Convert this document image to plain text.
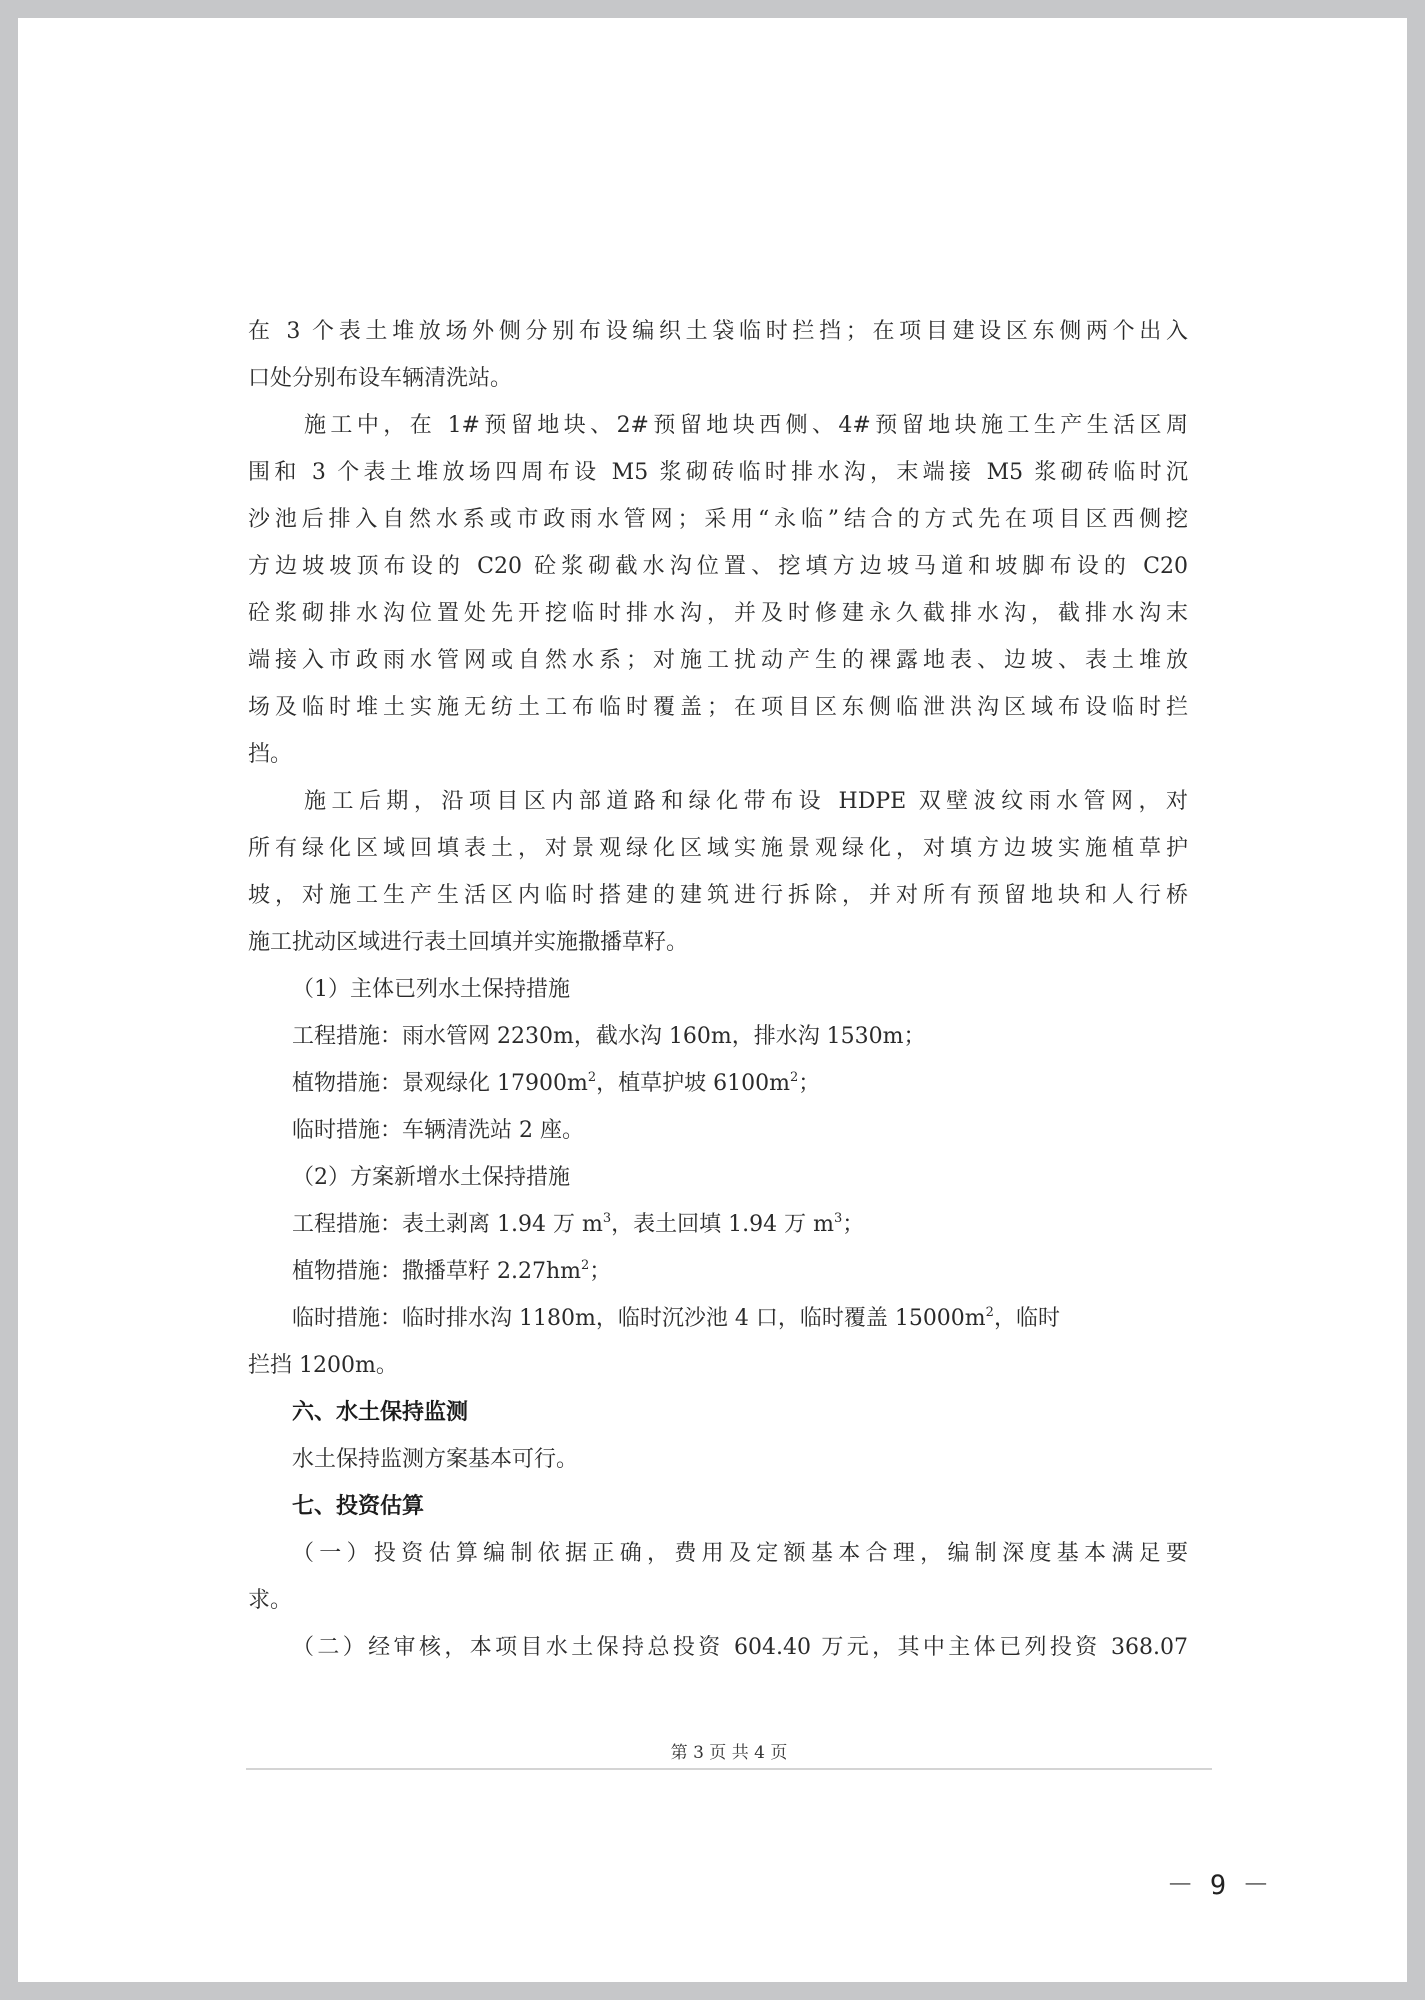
在 3 个表土堆放场外侧分别布设编织土袋临时拦挡；在项目建设区东侧两个出入
口处分别布设车辆清洗站。
施工中，在 1#预留地块、2#预留地块西侧、4#预留地块施工生产生活区周
围和 3 个表土堆放场四周布设 M5 浆砌砖临时排水沟，末端接 M5 浆砌砖临时沉
沙池后排入自然水系或市政雨水管网；采用“永临”结合的方式先在项目区西侧挖
方边坡坡顶布设的 C20 砼浆砌截水沟位置、挖填方边坡马道和坡脚布设的 C20
砼浆砌排水沟位置处先开挖临时排水沟，并及时修建永久截排水沟，截排水沟末
端接入市政雨水管网或自然水系；对施工扰动产生的裸露地表、边坡、表土堆放
场及临时堆土实施无纺土工布临时覆盖；在项目区东侧临泄洪沟区域布设临时拦
挡。
施工后期，沿项目区内部道路和绿化带布设 HDPE 双壁波纹雨水管网，对
所有绿化区域回填表土，对景观绿化区域实施景观绿化，对填方边坡实施植草护
坡，对施工生产生活区内临时搭建的建筑进行拆除，并对所有预留地块和人行桥
施工扰动区域进行表土回填并实施撒播草籽。
（1）主体已列水土保持措施
工程措施：雨水管网 2230m，截水沟 160m，排水沟 1530m；
植物措施：景观绿化 $17900m^2$，植草护坡 $6100m^2$；
临时措施：车辆清洗站 2 座。
（2）方案新增水土保持措施
工程措施：表土剥离 1.94 万 $m^3$，表土回填 1.94 万 $m^3$；
植物措施：撒播草籽 $2.27hm^2$；
临时措施：临时排水沟 1180m，临时沉沙池 4 口，临时覆盖 $15000m^2$，临时
拦挡 1200m。
六、水土保持监测
水土保持监测方案基本可行。
七、投资估算
（一）投资估算编制依据正确，费用及定额基本合理，编制深度基本满足要
求。
（二）经审核，本项目水土保持总投资 604.40 万元，其中主体已列投资 368.07
第 3 页 共 4 页
－ 9 －
